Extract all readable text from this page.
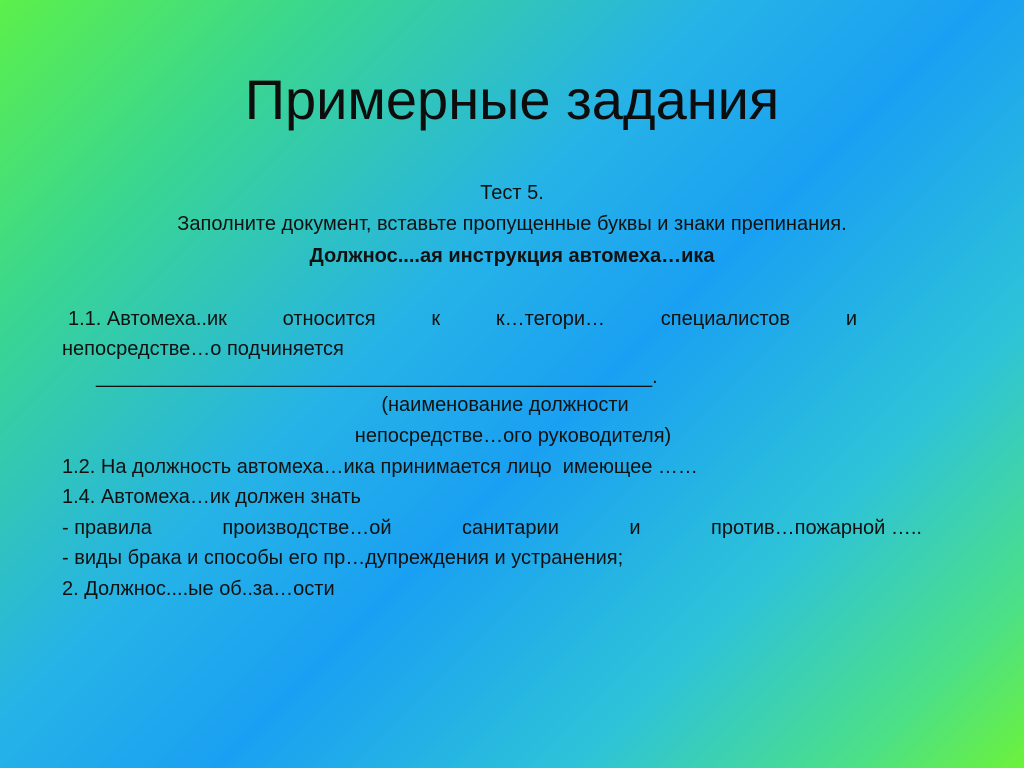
Примерные задания
Тест 5.
Заполните документ, вставьте пропущенные буквы и знаки препинания.
Должнос....ая инструкция автомеха…ика
1.1. Автомеха..ик	относится	к	к…тегори…	специалистов	и
непосредстве…о подчиняется
__________________________________________________.
(наименование должности
непосредстве…ого руководителя)
1.2. На должность автомеха…ика принимается лицо  имеющее ……
1.4. Автомеха…ик должен знать
- правила	производстве…ой	санитарии	и	против…пожарной …..
- виды брака и способы его пр…дупреждения и устранения;
2. Должнос....ые об..за…ости
